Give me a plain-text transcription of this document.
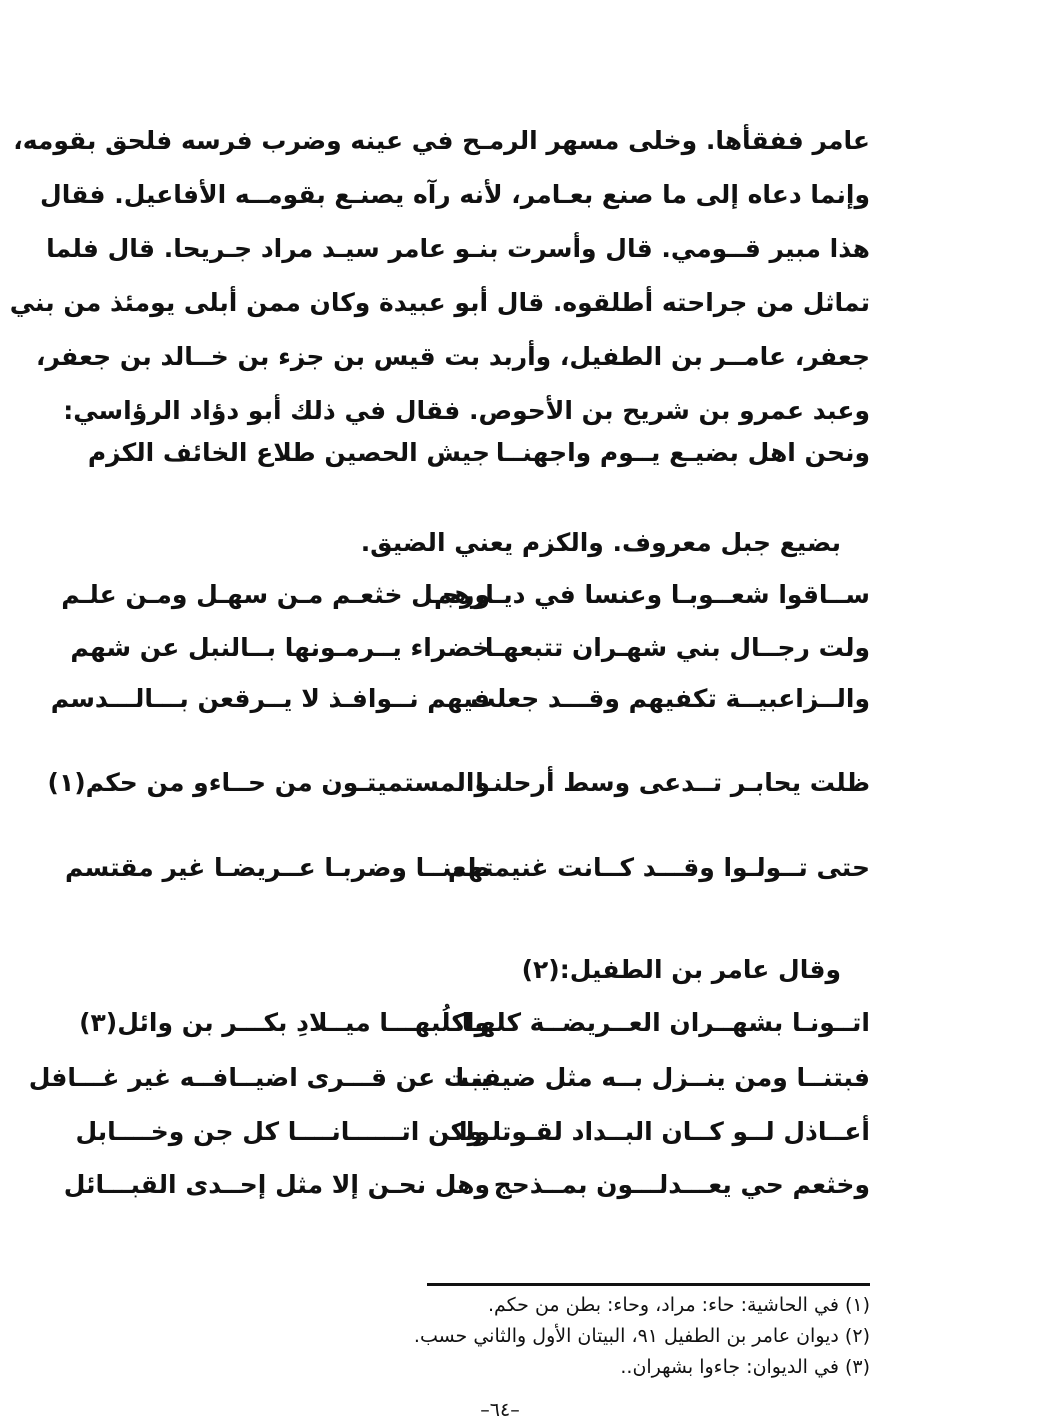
عامر ففقأها. وخلى مسهر الرمـح في عينه وضرب فرسه فلحق بقومه،
وإنما دعاه إلى ما صنع بعـامر، لأنه رآه يصنـع بقومــه الأفاعيل. فقال
هذا مبير قــومي. قال وأسرت بنـو عامر سيـد مراد جـريحا. قال فلما
تماثل من جراحته أطلقوه. قال أبو عبيدة وكان ممن أبلى يومئذ من بني
جعفر، عامــر بن الطفيل، وأربد بت قيس بن جزء بن خــالد بن جعفر،
وعبد عمرو بن شريح بن الأحوص. فقال في ذلك أبو دؤاد الرؤاسي:
ونحن اهل بضيـع يــوم واجهنــا
جيش الحصين طلاع الخائف الكزم
بضيع جبل معروف. والكزم يعني الضيق.
ســاقوا شعــوبـا وعنسا في ديـارهم
ورجـل خثعـم مـن سهـل ومـن علـم
ولت رجــال بني شهـران تتبعهـا
خضراء يــرمـونها بــالنبل عن شهم
والــزاعبيــة تكفيهم وقـــد جعلت
فيهم نــوافـذ لا يــرقعن بـــالـــدسم
ظلت يحابـر تــدعى وسط أرحلنـا
والمستميتـون من حــاءو من حكم(١)
حتى تــولـوا وقـــد كــانت غنيمتهم
طعنــا وضربـا عــريضـا غير مقتسم
وقال عامر بن الطفيل:(٢)
اتــونـا بشهــران العــريضــة كلهـا
واكلُبهـــا ميــلادِ بكـــر بن وائل(٣)
فبتنــا ومن ينــزل بــه مثل ضيفنـا
يبت عن قـــرى اضيــافــه غير غـــافل
أعــاذل لــو كــان البــداد لقـوتلـوا
ولكن اتــــــانــــا كل جن وخــــابل
وخثعم حي يعـــدلـــون بمــذحج
وهل نحـن إلا مثل إحــدى القبـــائل
(١) في الحاشية: حاء: مراد، وحاء: بطن من حكم.
(٢) ديوان عامر بن الطفيل ٩١، البيتان الأول والثاني حسب.
(٣) في الديوان: جاءوا بشهران..
–٦٤–
